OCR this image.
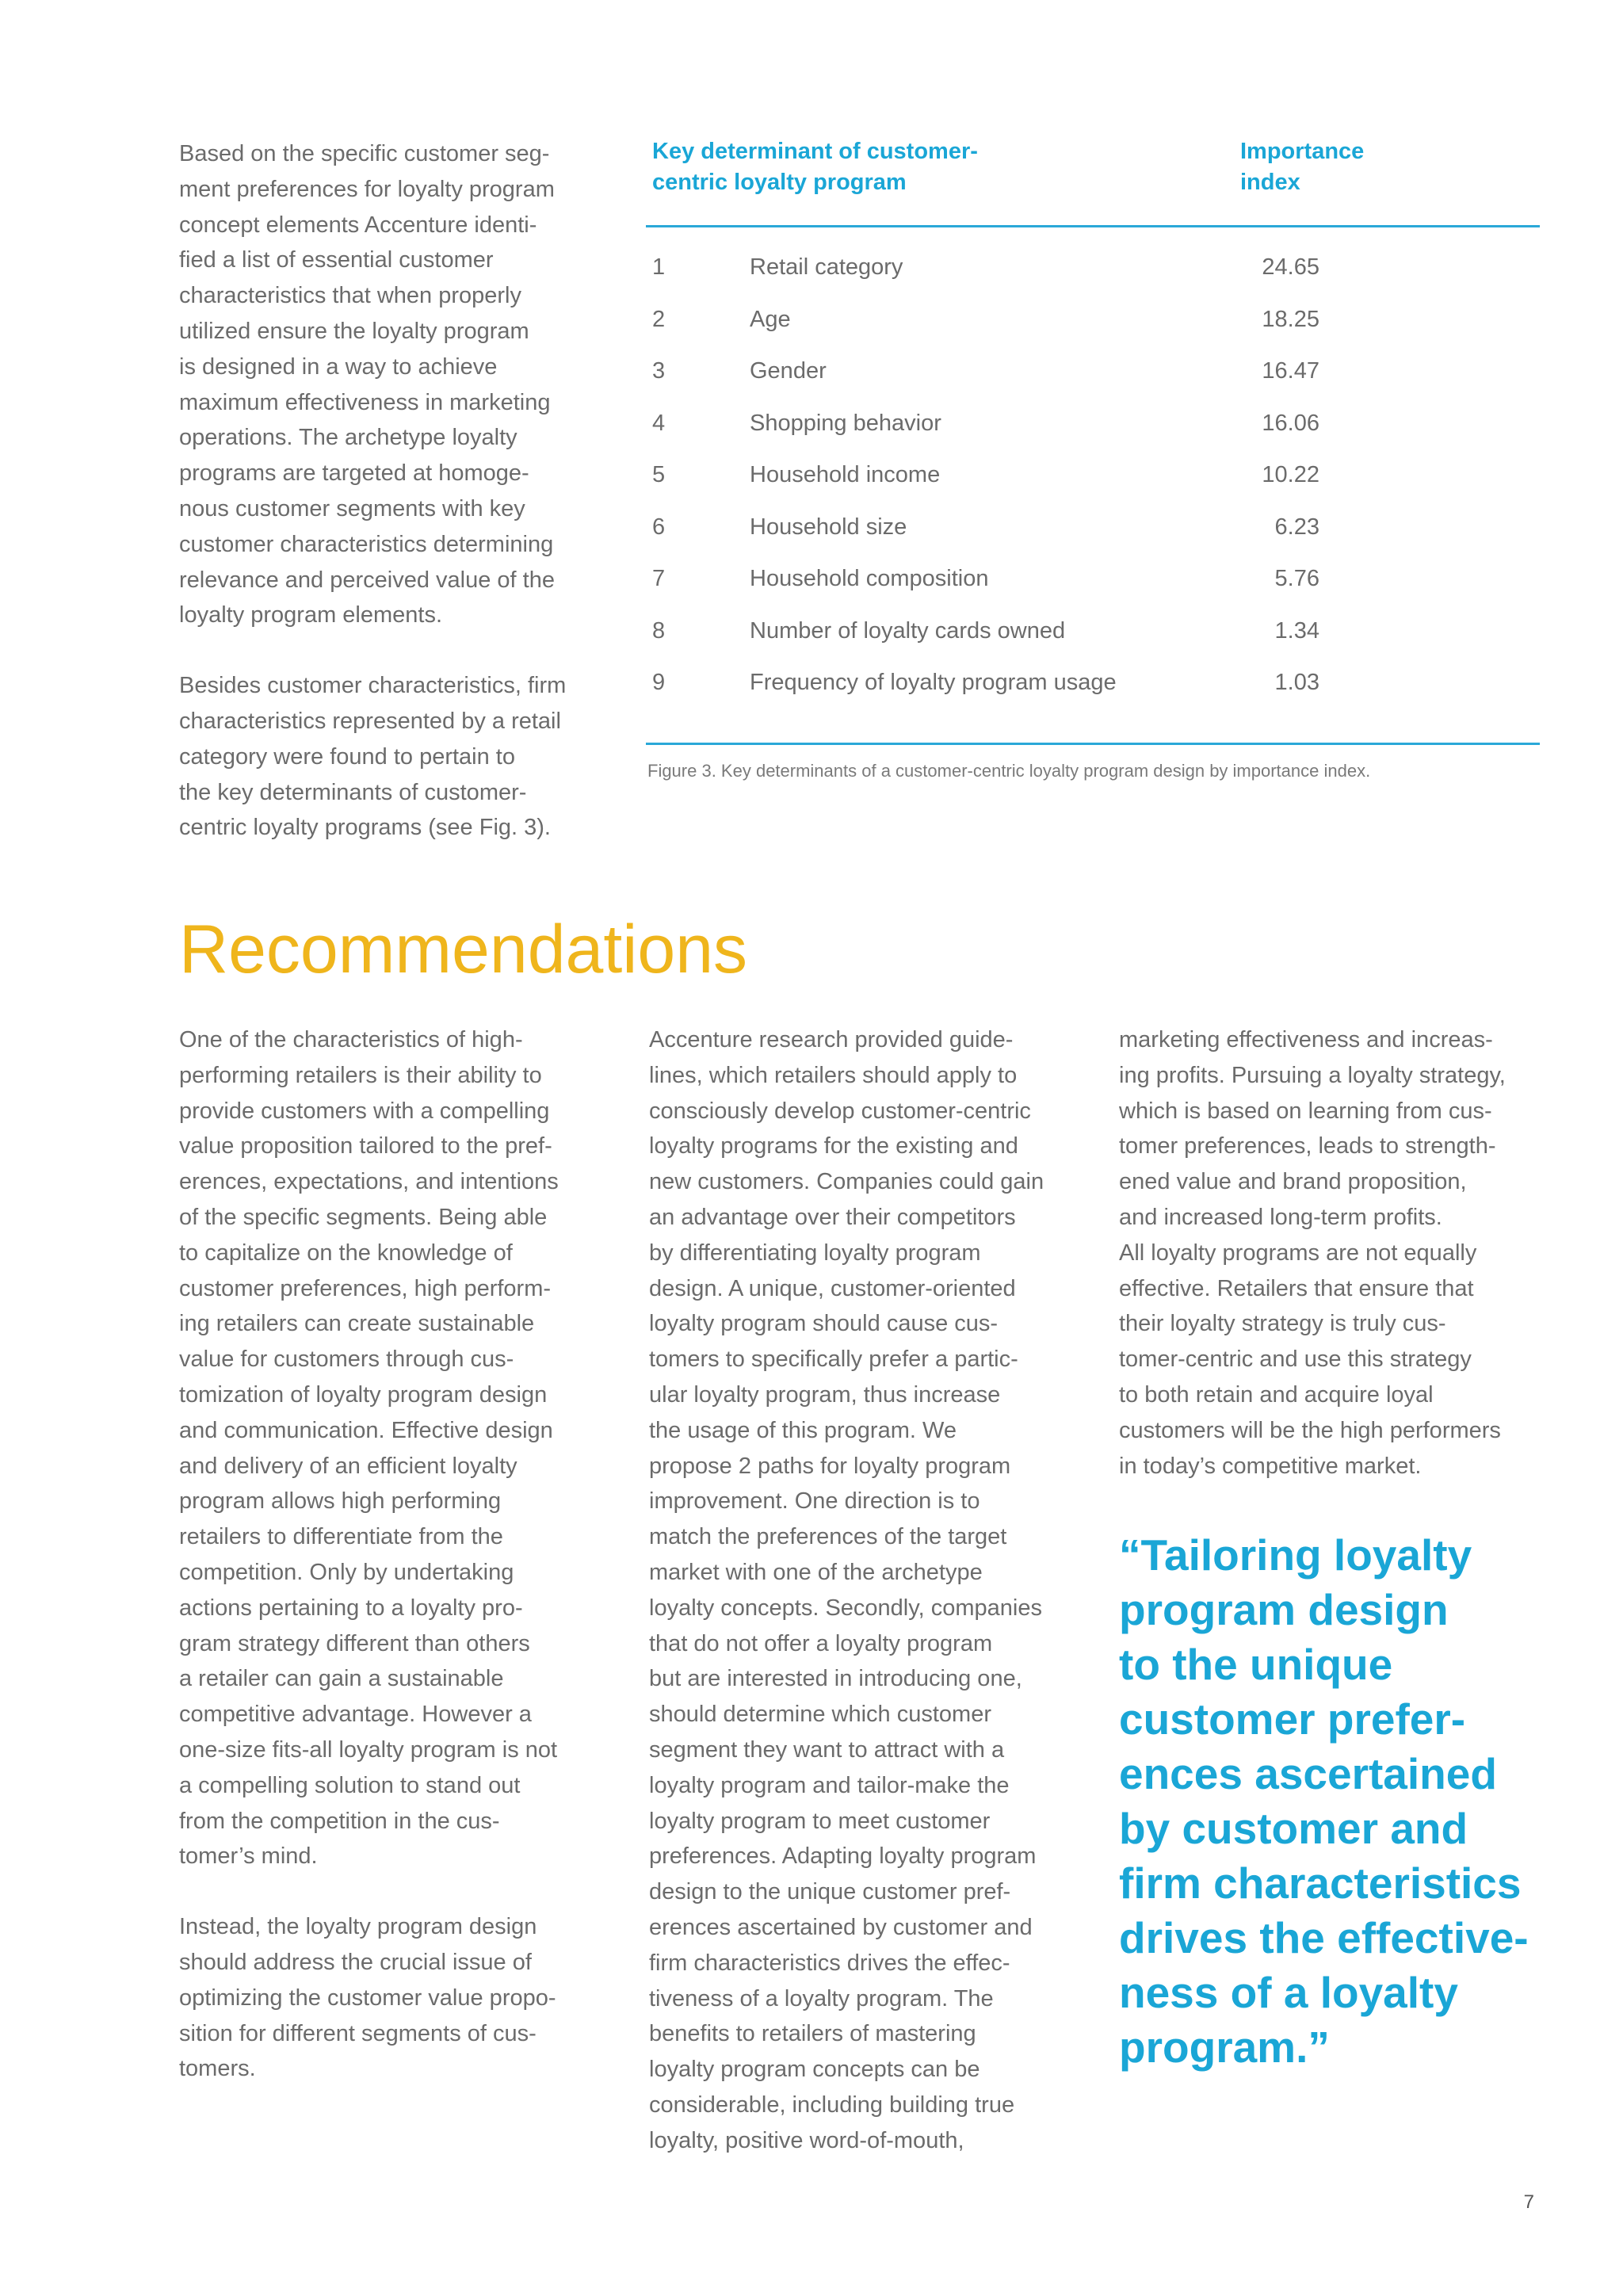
Based on the specific customer seg-
ment preferences for loyalty program
concept elements Accenture identi-
fied a list of essential customer
characteristics that when properly
utilized ensure the loyalty program
is designed in a way to achieve
maximum effectiveness in marketing
operations. The archetype loyalty
programs are targeted at homoge-
nous customer segments with key
customer characteristics determining
relevance and perceived value of the
loyalty program elements.

Besides customer characteristics, firm
characteristics represented by a retail
category were found to pertain to
the key determinants of customer-
centric loyalty programs (see Fig. 3).

Key determinant of customer-
centric loyalty program
Importance
index
1	Retail category	24.65
2	Age	18.25
3	Gender	16.47
4	Shopping behavior	16.06
5	Household income	10.22
6	Household size	6.23
7	Household composition	5.76
8	Number of loyalty cards owned	1.34
9	Frequency of loyalty program usage	1.03
Figure 3. Key determinants of a customer-centric loyalty program design by importance index.
Recommendations

One of the characteristics of high-
performing retailers is their ability to
provide customers with a compelling
value proposition tailored to the pref-
erences, expectations, and intentions
of the specific segments. Being able
to capitalize on the knowledge of
customer preferences, high perform-
ing retailers can create sustainable
value for customers through cus-
tomization of loyalty program design
and communication. Effective design
and delivery of an efficient loyalty
program allows high performing
retailers to differentiate from the
competition. Only by undertaking
actions pertaining to a loyalty pro-
gram strategy different than others
a retailer can gain a sustainable
competitive advantage. However a
one-size fits-all loyalty program is not
a compelling solution to stand out
from the competition in the cus-
tomer’s mind.

Instead, the loyalty program design
should address the crucial issue of
optimizing the customer value propo-
sition for different segments of cus-
tomers.

Accenture research provided guide-
lines, which retailers should apply to
consciously develop customer-centric
loyalty programs for the existing and
new customers. Companies could gain
an advantage over their competitors
by differentiating loyalty program
design. A unique, customer-oriented
loyalty program should cause cus-
tomers to specifically prefer a partic-
ular loyalty program, thus increase
the usage of this program. We
propose 2 paths for loyalty program
improvement. One direction is to
match the preferences of the target
market with one of the archetype
loyalty concepts. Secondly, companies
that do not offer a loyalty program
but are interested in introducing one,
should determine which customer
segment they want to attract with a
loyalty program and tailor-make the
loyalty program to meet customer
preferences. Adapting loyalty program
design to the unique customer pref-
erences ascertained by customer and
firm characteristics drives the effec-
tiveness of a loyalty program. The
benefits to retailers of mastering
loyalty program concepts can be
considerable, including building true
loyalty, positive word-of-mouth,

marketing effectiveness and increas-
ing profits. Pursuing a loyalty strategy,
which is based on learning from cus-
tomer preferences, leads to strength-
ened value and brand proposition,
and increased long-term profits.
All loyalty programs are not equally
effective. Retailers that ensure that
their loyalty strategy is truly cus-
tomer-centric and use this strategy
to both retain and acquire loyal
customers will be the high performers
in today’s competitive market.

“Tailoring loyalty
program design
to the unique
customer prefer-
ences ascertained
by customer and
firm characteristics
drives the effective-
ness of a loyalty
program.”

7
